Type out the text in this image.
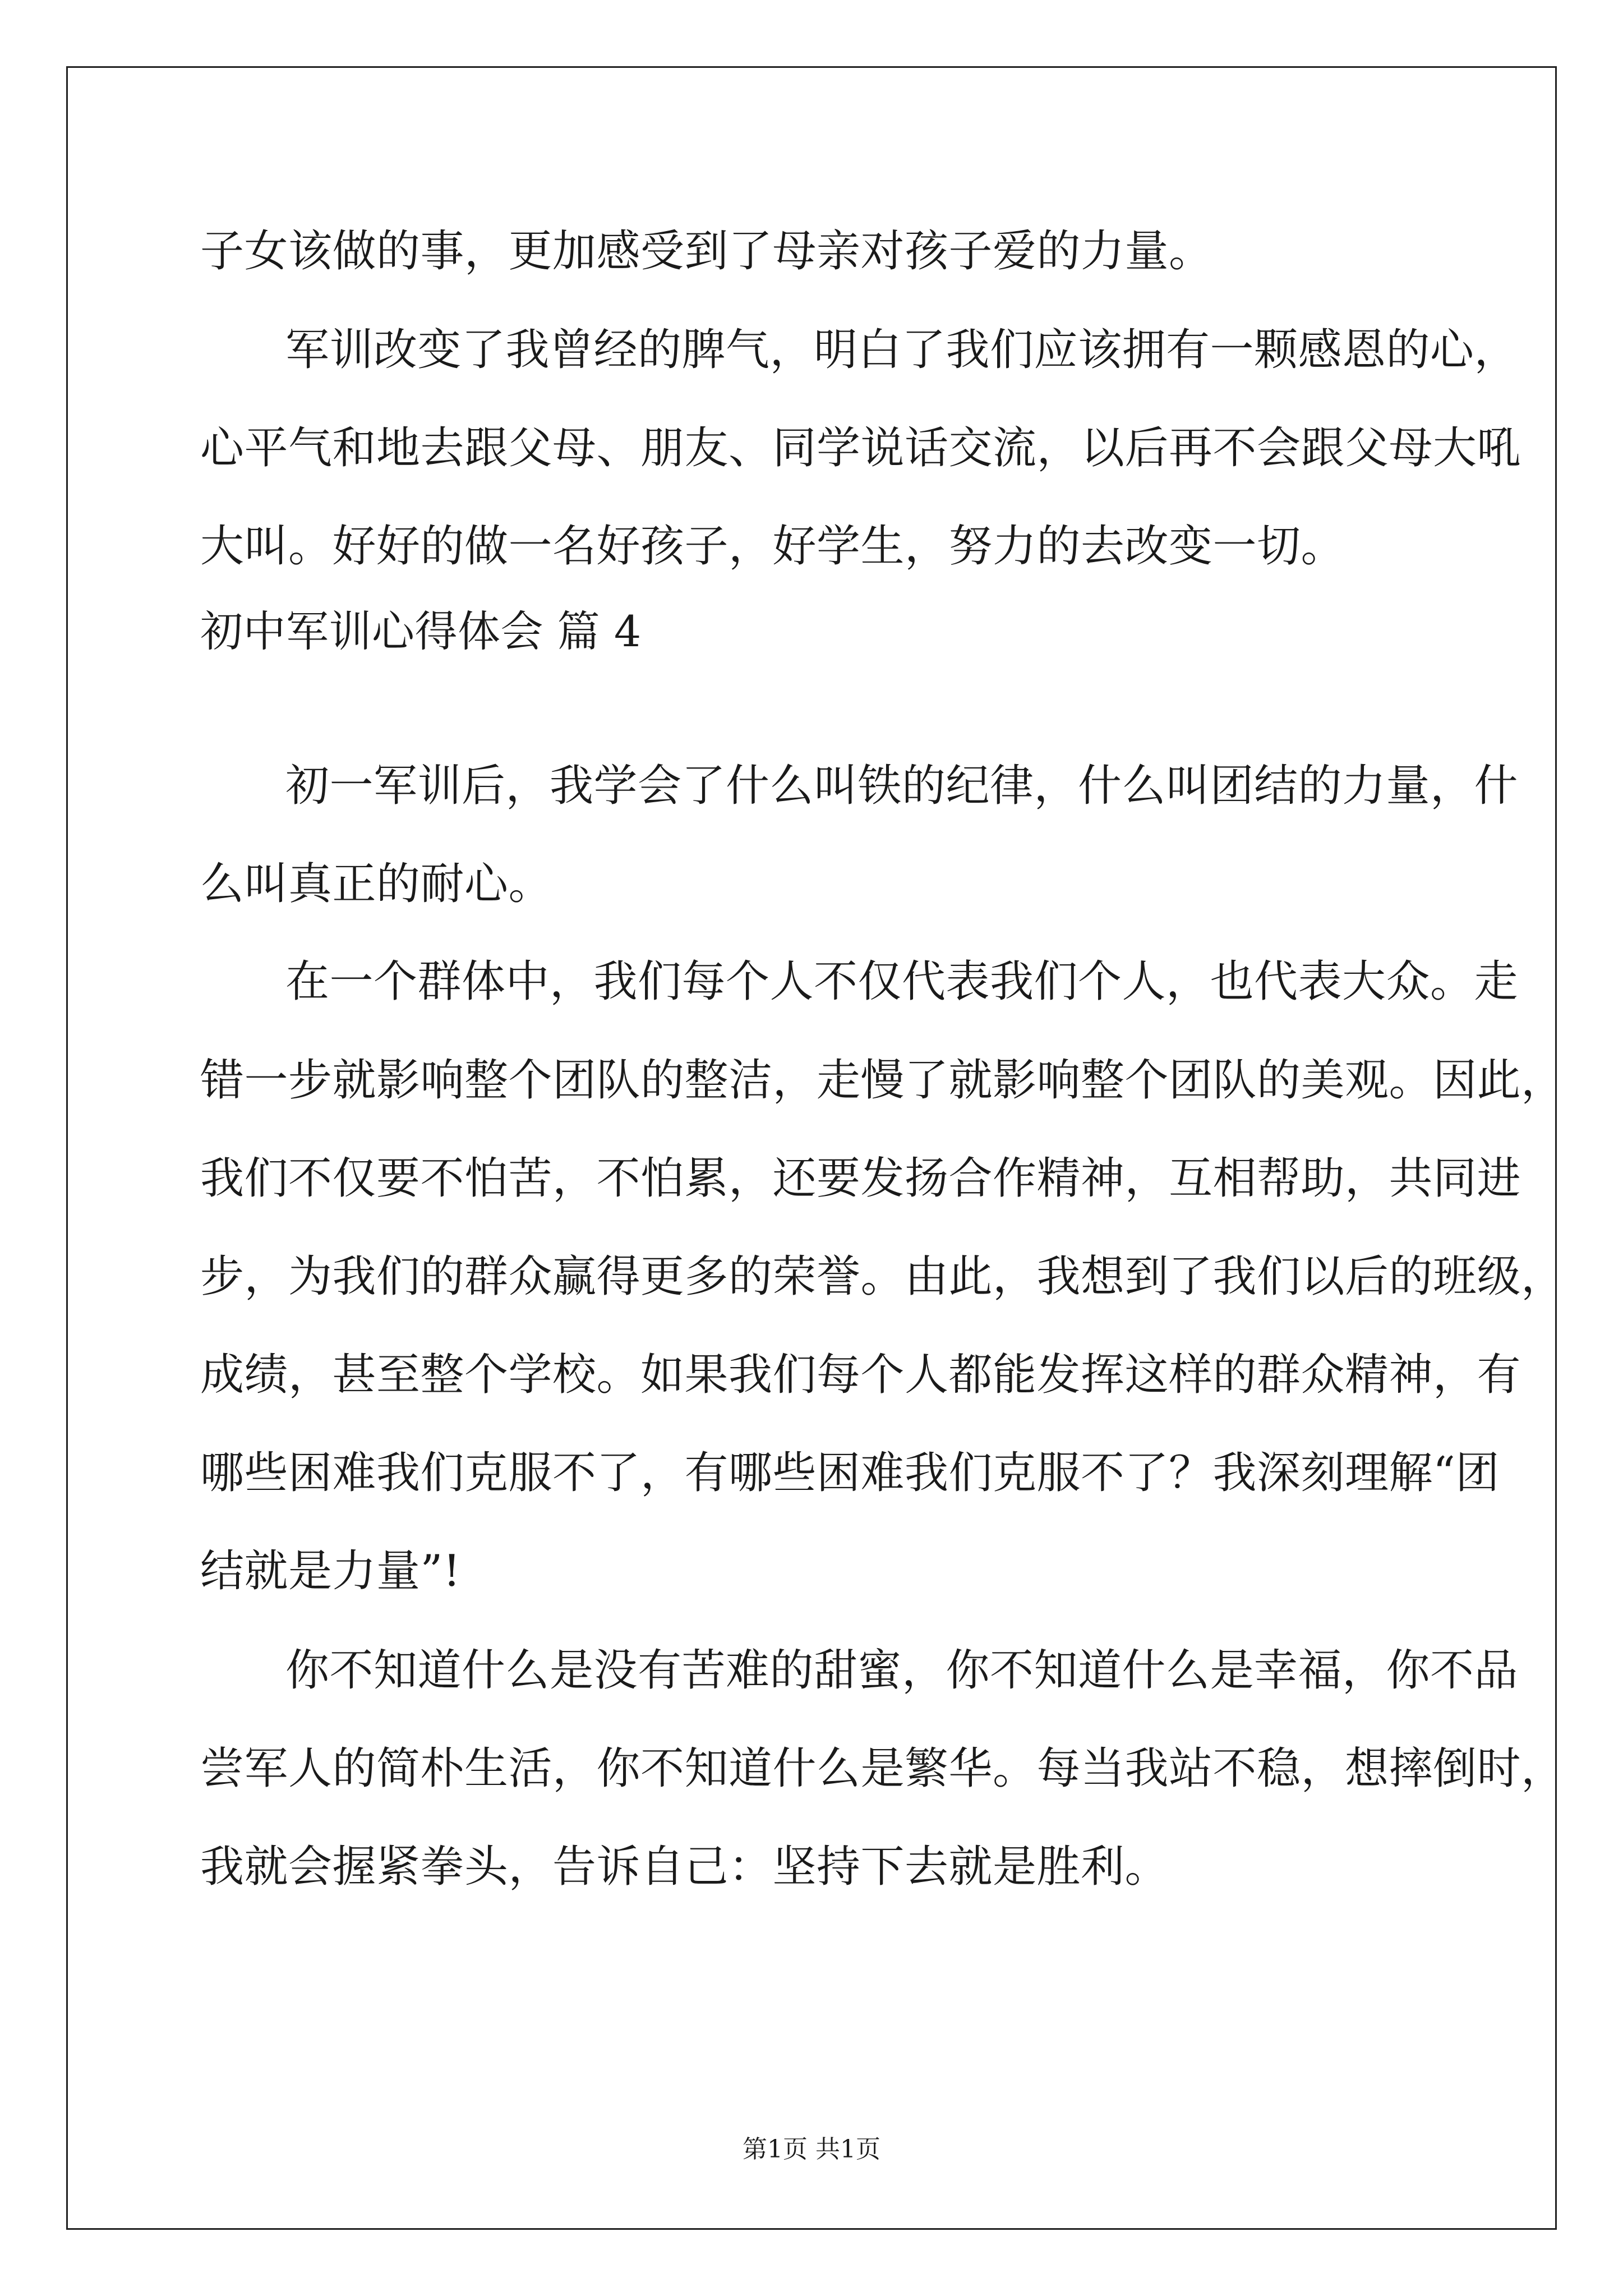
子女该做的事，更加感受到了母亲对孩子爱的力量。
军训改变了我曾经的脾气，明白了我们应该拥有一颗感恩的心，
心平气和地去跟父母、朋友、同学说话交流，以后再不会跟父母大吼
大叫。好好的做一名好孩子，好学生，努力的去改变一切。
初中军训心得体会 篇 4
初一军训后，我学会了什么叫铁的纪律，什么叫团结的力量，什
么叫真正的耐心。
在一个群体中，我们每个人不仅代表我们个人，也代表大众。走
错一步就影响整个团队的整洁，走慢了就影响整个团队的美观。因此，
我们不仅要不怕苦，不怕累，还要发扬合作精神，互相帮助，共同进
步，为我们的群众赢得更多的荣誉。由此，我想到了我们以后的班级，
成绩，甚至整个学校。如果我们每个人都能发挥这样的群众精神，有
哪些困难我们克服不了，有哪些困难我们克服不了？我深刻理解“团
结就是力量”!
你不知道什么是没有苦难的甜蜜，你不知道什么是幸福，你不品
尝军人的简朴生活，你不知道什么是繁华。每当我站不稳，想摔倒时，
我就会握紧拳头，告诉自己：坚持下去就是胜利。
第1页 共1页
